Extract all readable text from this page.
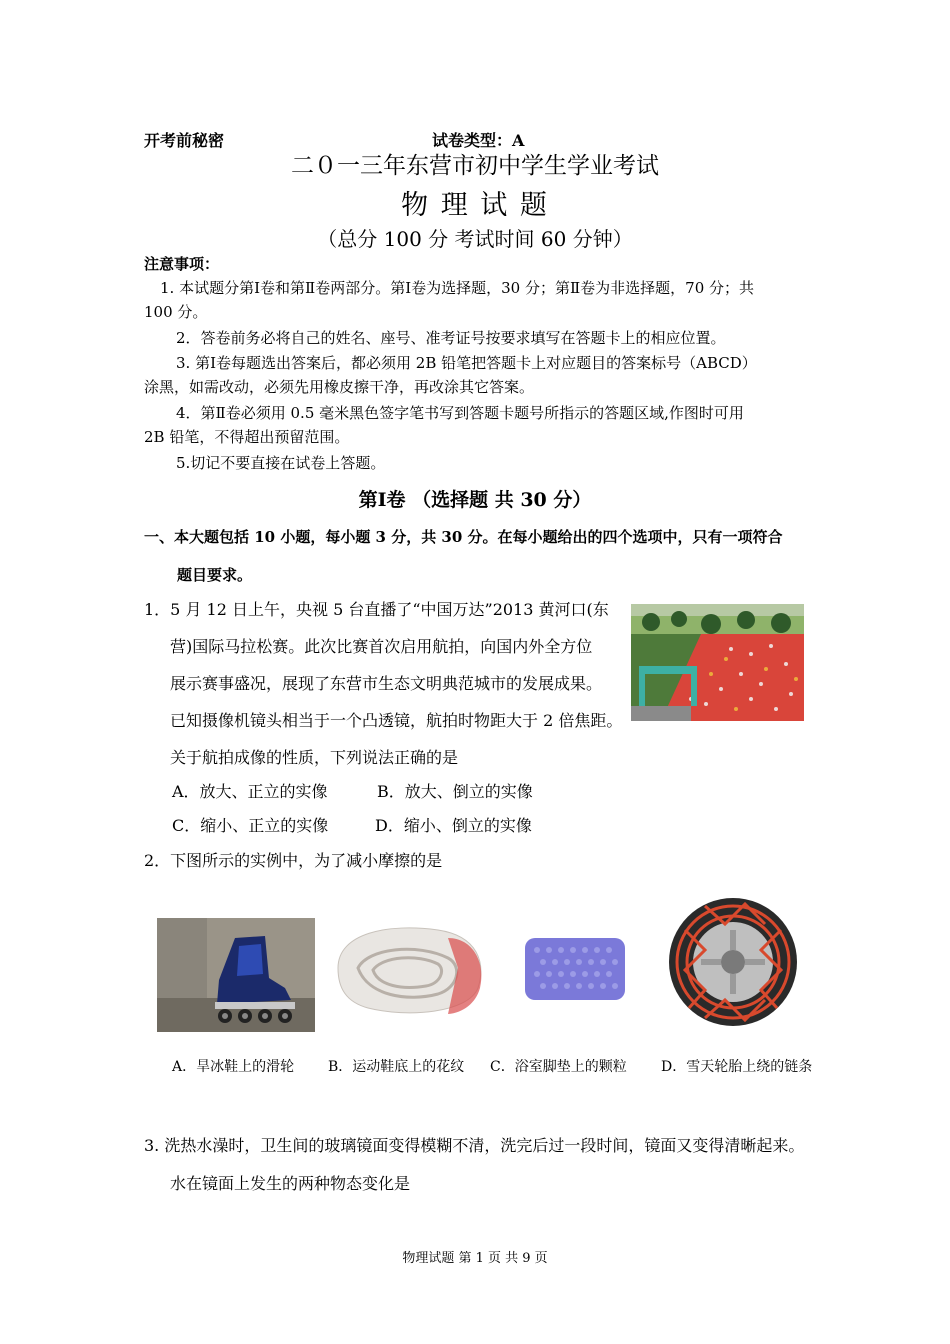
开考前秘密	试卷类型：A
二０一三年东营市初中学生学业考试
物 理 试 题
（总分 100 分 考试时间 60 分钟）
注意事项：
1. 本试题分第Ⅰ卷和第Ⅱ卷两部分。第Ⅰ卷为选择题，30 分；第Ⅱ卷为非选择题，70 分；共
100 分。
2．答卷前务必将自己的姓名、座号、准考证号按要求填写在答题卡上的相应位置。
3. 第Ⅰ卷每题选出答案后，都必须用 2B 铅笔把答题卡上对应题目的答案标号（ABCD）
涂黑，如需改动，必须先用橡皮擦干净，再改涂其它答案。
4．第Ⅱ卷必须用 0.5 毫米黑色签字笔书写到答题卡题号所指示的答题区域,作图时可用
2B 铅笔，不得超出预留范围。
5.切记不要直接在试卷上答题。
第Ⅰ卷 （选择题 共 30 分）
一、本大题包括 10 小题，每小题 3 分，共 30 分。在每小题给出的四个选项中，只有一项符合
题目要求。
1．5 月 12 日上午，央视 5 台直播了“中国万达”2013 黄河口(东
营)国际马拉松赛。此次比赛首次启用航拍，向国内外全方位
展示赛事盛况，展现了东营市生态文明典范城市的发展成果。
已知摄像机镜头相当于一个凸透镜，航拍时物距大于 2 倍焦距。
关于航拍成像的性质，下列说法正确的是
A．放大、正立的实像	B．放大、倒立的实像
C．缩小、正立的实像	D．缩小、倒立的实像
2．下图所示的实例中，为了减小摩擦的是
A．旱冰鞋上的滑轮 B．运动鞋底上的花纹 C．浴室脚垫上的颗粒 D．雪天轮胎上绕的链条
3. 洗热水澡时，卫生间的玻璃镜面变得模糊不清，洗完后过一段时间，镜面又变得清晰起来。
水在镜面上发生的两种物态变化是
物理试题 第 1 页 共 9 页
